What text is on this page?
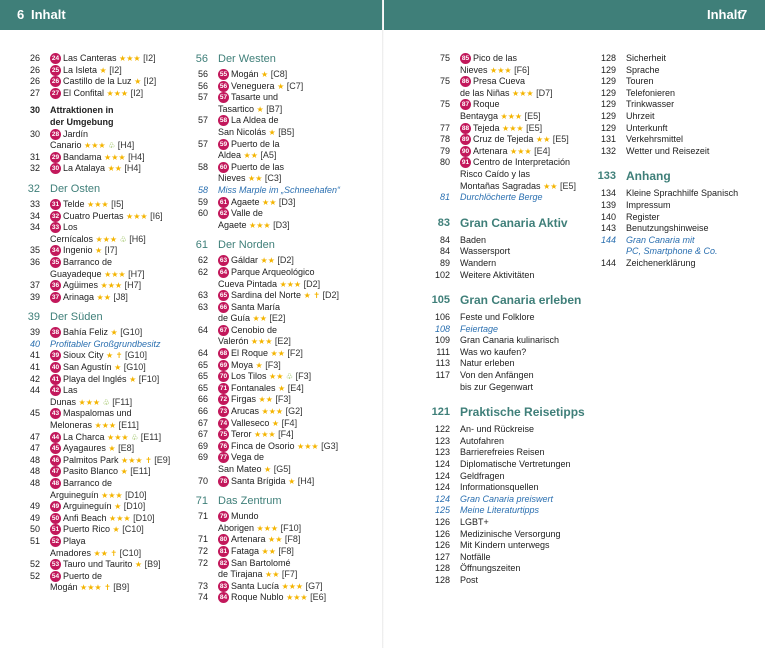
6 Inhalt	Inhalt
7
26	24 Las Canteras ★★★ [I2]
26	25 La Isleta ★ [I2]
26	26 Castillo de la Luz ★ [I2]
27	27 El Confital ★★★ [I2]
30	Attraktionen in
der Umgebung
30	28 Jardín
Canario ★★★ ♧ [H4]
31	29 Bandama ★★★ [H4]
32	30 La Atalaya ★★ [H4]
32 Der Osten
33	31 Telde ★★★ [I5]
34	32 Cuatro Puertas ★★★ [I6]
34	33 Los
Cernícalos ★★★ ♧ [H6]
35	34 Ingenio ★ [I7]
36	35 Barranco de
Guayadeque ★★★ [H7]
37	36 Agüimes ★★★ [H7]
39	37 Arinaga ★★ [J8]
39 Der Süden
39	38 Bahía Feliz ★ [G10]
40	Profitabler Großgrundbesitz
41	39 Sioux City ★ ✝ [G10]
41	40 San Agustín ★ [G10]
42	41 Playa del Inglés ★ [F10]
44	42 Las
Dunas ★★★ ♧ [F11]
45	43 Maspalomas und
Meloneras ★★★ [E11]
47	44 La Charca ★★★ ♧ [E11]
47	45 Ayagaures ★ [E8]
48	46 Palmitos Park ★★★ ✝ [E9]
48	47 Pasito Blanco ★ [E11]
48	48 Barranco de
Arguineguín ★★★ [D10]
49	49 Arguineguín ★ [D10]
49	50 Anfi Beach ★★★ [D10]
50	51 Puerto Rico ★ [C10]
51	52 Playa
Amadores ★★ ✝ [C10]
52	53 Tauro und Taurito ★ [B9]
52	54 Puerto de
Mogán ★★★ ✝ [B9]
56 Der Westen
56	55 Mogán ★ [C8]
56	56 Veneguera ★ [C7]
57	57 Tasarte und
Tasartico ★ [B7]
57	58 La Aldea de
San Nicolás ★ [B5]
57	59 Puerto de la
Aldea ★★ [A5]
58	60 Puerto de las
Nieves ★★ [C3]
58	Miss Marple im „Schneehafen“
59	61 Agaete ★★ [D3]
60	62 Valle de
Agaete ★★★ [D3]
61 Der Norden
62	63 Gáldar ★★ [D2]
62	64 Parque Arqueológico
Cueva Pintada ★★★ [D2]
63	65 Sardina del Norte ★ ✝ [D2]
63	66 Santa María
de Guía ★★ [E2]
64	67 Cenobio de
Valerón ★★★ [E2]
64	68 El Roque ★★ [F2]
65	69 Moya ★ [F3]
65	70 Los Tilos ★★ ♧ [F3]
65	71 Fontanales ★ [E4]
66	72 Firgas ★★ [F3]
66	73 Arucas ★★★ [G2]
67	74 Valleseco ★ [F4]
67	75 Teror ★★★ [F4]
69	76 Finca de Osorio ★★★ [G3]
69	77 Vega de
San Mateo ★ [G5]
70	78 Santa Brígida ★ [H4]
71 Das Zentrum
71	79 Mundo
Aborigen ★★★ [F10]
71	80 Artenara ★★ [F8]
72	81 Fataga ★★ [F8]
72	82 San Bartolomé
de Tirajana ★★ [F7]
73	83 Santa Lucía ★★★ [G7]
74	84 Roque Nublo ★★★ [E6]
75	85 Pico de las
Nieves ★★★ [F6]
75	86 Presa Cueva
de las Niñas ★★★ [D7]
75	87 Roque
Bentayga ★★★ [E5]
77	88 Tejeda ★★★ [E5]
78	89 Cruz de Tejeda ★★ [E5]
79	90 Artenara ★★★ [E4]
80	91 Centro de Interpretación
Risco Caído y las
Montañas Sagradas ★★ [E5]
81	Durchlöcherte Berge
83 Gran Canaria Aktiv
84	Baden
84	Wassersport
89	Wandern
102	Weitere Aktivitäten
105 Gran Canaria erleben
106	Feste und Folklore
108	Feiertage
109	Gran Canaria kulinarisch
111	Was wo kaufen?
113	Natur erleben
117	Von den Anfängen
bis zur Gegenwart
121 Praktische Reisetipps
122	An- und Rückreise
123	Autofahren
123	Barrierefreies Reisen
124	Diplomatische Vertretungen
124	Geldfragen
124	Informationsquellen
124	Gran Canaria preiswert
125	Meine Literaturtipps
126	LGBT+
126	Medizinische Versorgung
126	Mit Kindern unterwegs
127	Notfälle
128	Öffnungszeiten
128	Post
128	Sicherheit
129	Sprache
129	Touren
129	Telefonieren
129	Trinkwasser
129	Uhrzeit
129	Unterkunft
131	Verkehrsmittel
132	Wetter und Reisezeit
133 Anhang
134	Kleine Sprachhilfe Spanisch
139	Impressum
140	Register
143	Benutzungshinweise
144	Gran Canaria mit
PC, Smartphone & Co.
144	Zeichenerklärung
